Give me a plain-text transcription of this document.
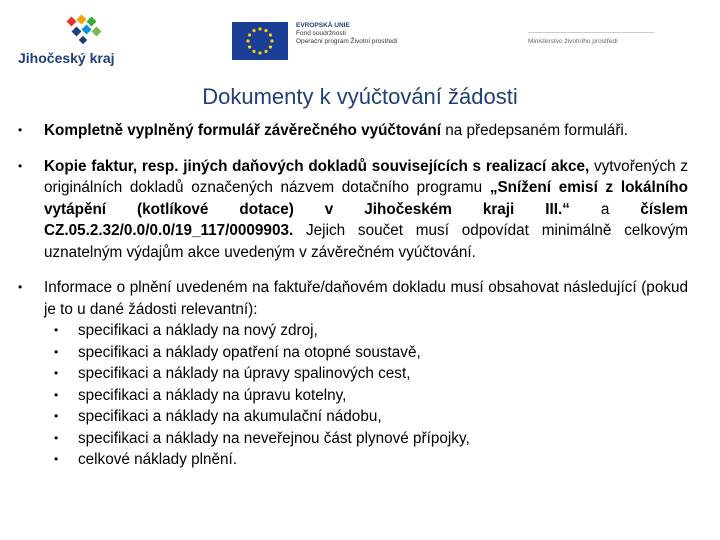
Jihočeský kraj
EVROPSKÁ UNIE
Fond soudržnosti
Operační program Životní prostředí	Ministerstvo životního prostředí
Dokumenty k vyúčtování žádosti
• Kompletně vyplněný formulář závěrečného vyúčtování na předepsaném formuláři.

• Kopie faktur, resp. jiných daňových dokladů souvisejících s realizací akce, vytvořených z originálních dokladů označených názvem dotačního programu „Snížení emisí z lokálního vytápění (kotlíkové dotace) v Jihočeském kraji III.“ a číslem CZ.05.2.32/0.0/0.0/19_117/0009903. Jejich součet musí odpovídat minimálně celkovým uznatelným výdajům akce uvedeným v závěrečném vyúčtování.

• Informace o plnění uvedeném na faktuře/daňovém dokladu musí obsahovat následující (pokud je to u dané žádosti relevantní):

• specifikaci a náklady na nový zdroj,
• specifikaci a náklady opatření na otopné soustavě,
• specifikaci a náklady na úpravy spalinových cest,
• specifikaci a náklady na úpravu kotelny,
• specifikaci a náklady na akumulační nádobu,
• specifikaci a náklady na neveřejnou část plynové přípojky,
• celkové náklady plnění.
